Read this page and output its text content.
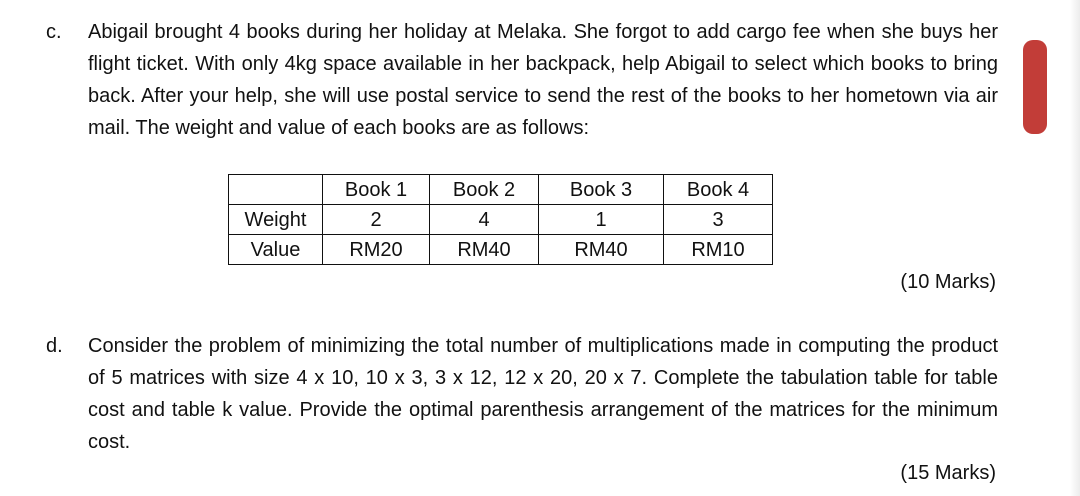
c. Abigail brought 4 books during her holiday at Melaka. She forgot to add cargo fee when she buys her flight ticket. With only 4kg space available in her backpack, help Abigail to select which books to bring back. After your help, she will use postal service to send the rest of the books to her hometown via air mail. The weight and value of each books are as follows:

	Book 1	Book 2	Book 3	Book 4
Weight	2	4	1	3
Value	RM20	RM40	RM40	RM10
(10 Marks)
d. Consider the problem of minimizing the total number of multiplications made in computing the product of 5 matrices with size 4 x 10, 10 x 3, 3 x 12, 12 x 20, 20 x 7. Complete the tabulation table for table cost and table k value. Provide the optimal parenthesis arrangement of the matrices for the minimum cost.

(15 Marks)
